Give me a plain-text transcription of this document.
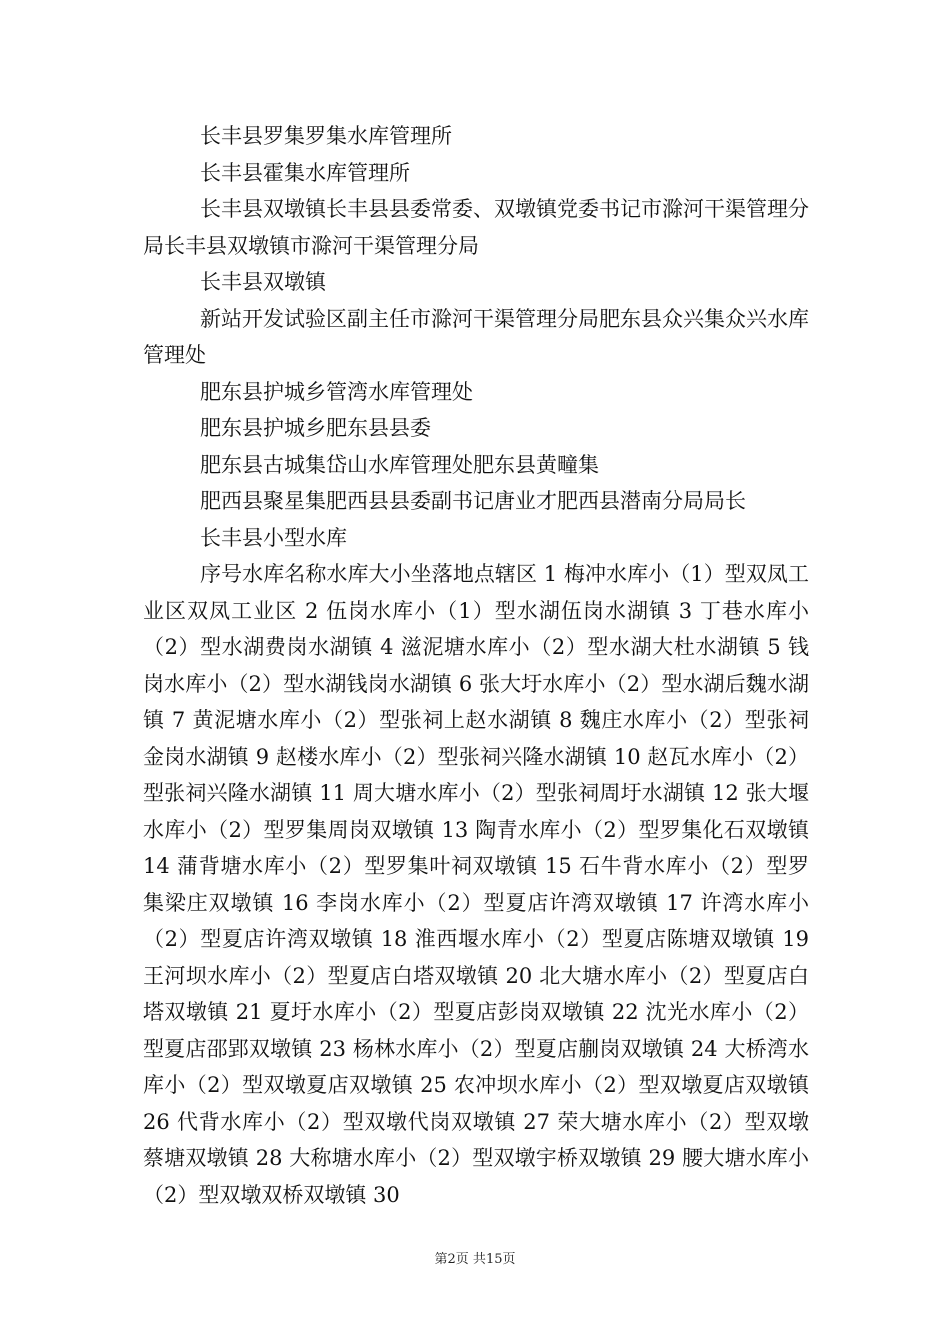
长丰县罗集罗集水库管理所

长丰县霍集水库管理所

长丰县双墩镇长丰县县委常委、双墩镇党委书记市滁河干渠管理分局长丰县双墩镇市滁河干渠管理分局

长丰县双墩镇

新站开发试验区副主任市滁河干渠管理分局肥东县众兴集众兴水库管理处

肥东县护城乡管湾水库管理处

肥东县护城乡肥东县县委

肥东县古城集岱山水库管理处肥东县黄疃集

肥西县聚星集肥西县县委副书记唐业才肥西县潜南分局局长

长丰县小型水库

序号水库名称水库大小坐落地点辖区 1 梅冲水库小（1）型双凤工业区双凤工业区 2 伍岗水库小（1）型水湖伍岗水湖镇 3 丁巷水库小（2）型水湖费岗水湖镇 4 滋泥塘水库小（2）型水湖大杜水湖镇 5 钱岗水库小（2）型水湖钱岗水湖镇 6 张大圩水库小（2）型水湖后魏水湖镇 7 黄泥塘水库小（2）型张祠上赵水湖镇 8 魏庄水库小（2）型张祠金岗水湖镇 9 赵楼水库小（2）型张祠兴隆水湖镇 10 赵瓦水库小（2）型张祠兴隆水湖镇 11 周大塘水库小（2）型张祠周圩水湖镇 12 张大堰水库小（2）型罗集周岗双墩镇 13 陶青水库小（2）型罗集化石双墩镇 14 蒲背塘水库小（2）型罗集叶祠双墩镇 15 石牛背水库小（2）型罗集梁庄双墩镇 16 李岗水库小（2）型夏店许湾双墩镇 17 许湾水库小（2）型夏店许湾双墩镇 18 淮西堰水库小（2）型夏店陈塘双墩镇 19 王河坝水库小（2）型夏店白塔双墩镇 20 北大塘水库小（2）型夏店白塔双墩镇 21 夏圩水库小（2）型夏店彭岗双墩镇 22 沈光水库小（2）型夏店邵郢双墩镇 23 杨林水库小（2）型夏店蒯岗双墩镇 24 大桥湾水库小（2）型双墩夏店双墩镇 25 农冲坝水库小（2）型双墩夏店双墩镇 26 代背水库小（2）型双墩代岗双墩镇 27 荣大塘水库小（2）型双墩蔡塘双墩镇 28 大称塘水库小（2）型双墩宇桥双墩镇 29 腰大塘水库小（2）型双墩双桥双墩镇 30

第2页 共15页
